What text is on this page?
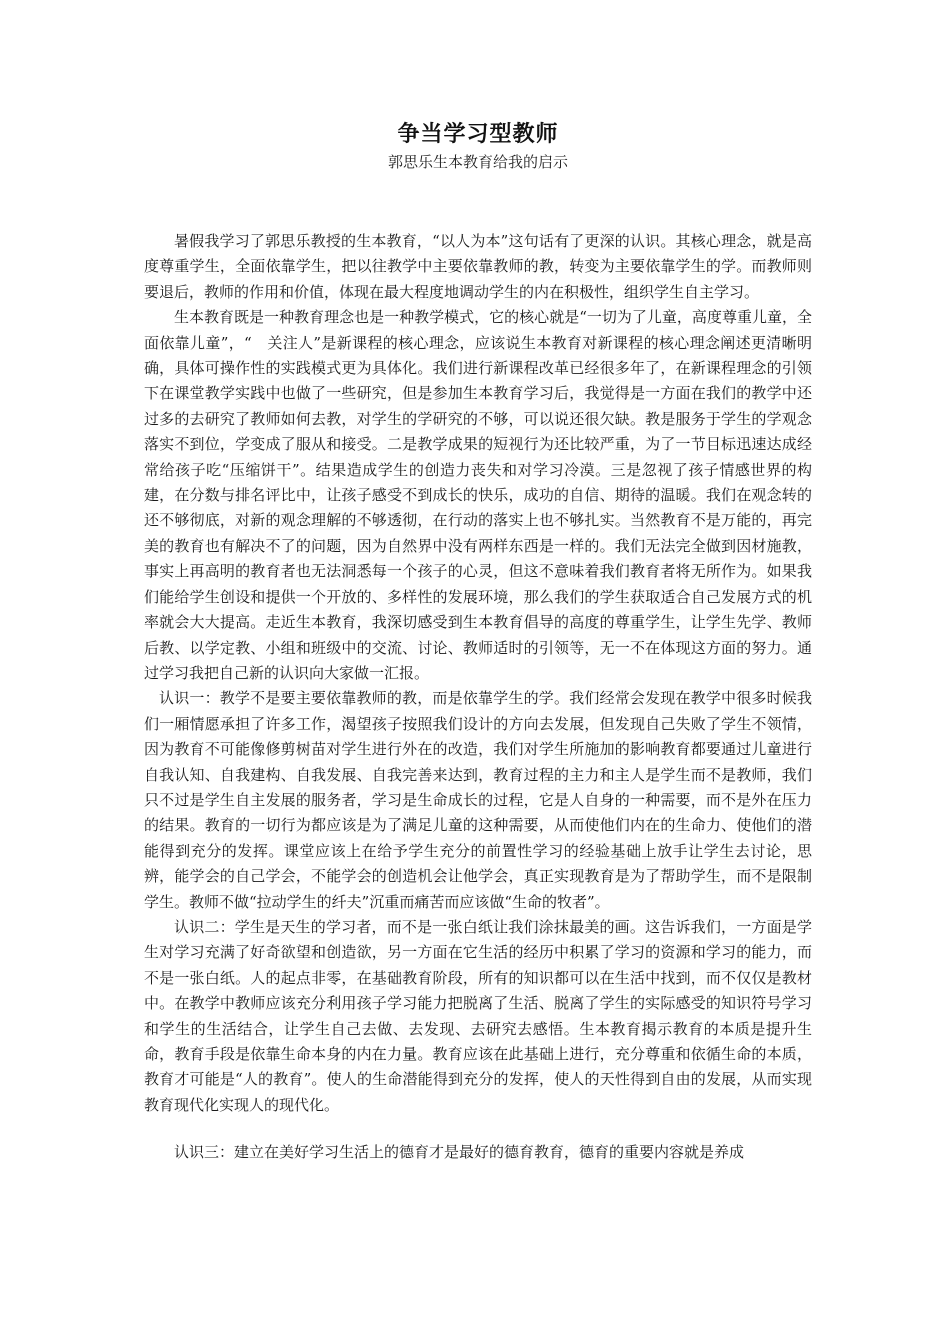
争当学习型教师

郭思乐生本教育给我的启示

暑假我学习了郭思乐教授的生本教育，“以人为本”这句话有了更深的认识。其核心理念，就是高度尊重学生，全面依靠学生，把以往教学中主要依靠教师的教，转变为主要依靠学生的学。而教师则要退后，教师的作用和价值，体现在最大程度地调动学生的内在积极性，组织学生自主学习。

生本教育既是一种教育理念也是一种教学模式，它的核心就是“一切为了儿童，高度尊重儿童，全面依靠儿童”，“　关注人”是新课程的核心理念，应该说生本教育对新课程的核心理念阐述更清晰明确，具体可操作性的实践模式更为具体化。我们进行新课程改革已经很多年了，在新课程理念的引领下在课堂教学实践中也做了一些研究，但是参加生本教育学习后，我觉得是一方面在我们的教学中还过多的去研究了教师如何去教，对学生的学研究的不够，可以说还很欠缺。教是服务于学生的学观念落实不到位，学变成了服从和接受。二是教学成果的短视行为还比较严重，为了一节目标迅速达成经常给孩子吃“压缩饼干”。结果造成学生的创造力丧失和对学习冷漠。三是忽视了孩子情感世界的构建，在分数与排名评比中，让孩子感受不到成长的快乐，成功的自信、期待的温暖。我们在观念转的还不够彻底，对新的观念理解的不够透彻，在行动的落实上也不够扎实。当然教育不是万能的，再完美的教育也有解决不了的问题，因为自然界中没有两样东西是一样的。我们无法完全做到因材施教，事实上再高明的教育者也无法洞悉每一个孩子的心灵，但这不意味着我们教育者将无所作为。如果我们能给学生创设和提供一个开放的、多样性的发展环境，那么我们的学生获取适合自己发展方式的机率就会大大提高。走近生本教育，我深切感受到生本教育倡导的高度的尊重学生，让学生先学、教师后教、以学定教、小组和班级中的交流、讨论、教师适时的引领等，无一不在体现这方面的努力。通过学习我把自己新的认识向大家做一汇报。

认识一：教学不是要主要依靠教师的教，而是依靠学生的学。我们经常会发现在教学中很多时候我们一厢情愿承担了许多工作，渴望孩子按照我们设计的方向去发展，但发现自己失败了学生不领情，因为教育不可能像修剪树苗对学生进行外在的改造，我们对学生所施加的影响教育都要通过儿童进行自我认知、自我建构、自我发展、自我完善来达到，教育过程的主力和主人是学生而不是教师，我们只不过是学生自主发展的服务者，学习是生命成长的过程，它是人自身的一种需要，而不是外在压力的结果。教育的一切行为都应该是为了满足儿童的这种需要，从而使他们内在的生命力、使他们的潜能得到充分的发挥。课堂应该上在给予学生充分的前置性学习的经验基础上放手让学生去讨论，思辨，能学会的自己学会，不能学会的创造机会让他学会，真正实现教育是为了帮助学生，而不是限制学生。教师不做“拉动学生的纤夫”沉重而痛苦而应该做“生命的牧者”。

认识二：学生是天生的学习者，而不是一张白纸让我们涂抹最美的画。这告诉我们，一方面是学生对学习充满了好奇欲望和创造欲，另一方面在它生活的经历中积累了学习的资源和学习的能力，而不是一张白纸。人的起点非零，在基础教育阶段，所有的知识都可以在生活中找到，而不仅仅是教材中。在教学中教师应该充分利用孩子学习能力把脱离了生活、脱离了学生的实际感受的知识符号学习和学生的生活结合，让学生自己去做、去发现、去研究去感悟。生本教育揭示教育的本质是提升生命，教育手段是依靠生命本身的内在力量。教育应该在此基础上进行，充分尊重和依循生命的本质，教育才可能是“人的教育”。使人的生命潜能得到充分的发挥，使人的天性得到自由的发展，从而实现教育现代化实现人的现代化。

认识三：建立在美好学习生活上的德育才是最好的德育教育，德育的重要内容就是养成
